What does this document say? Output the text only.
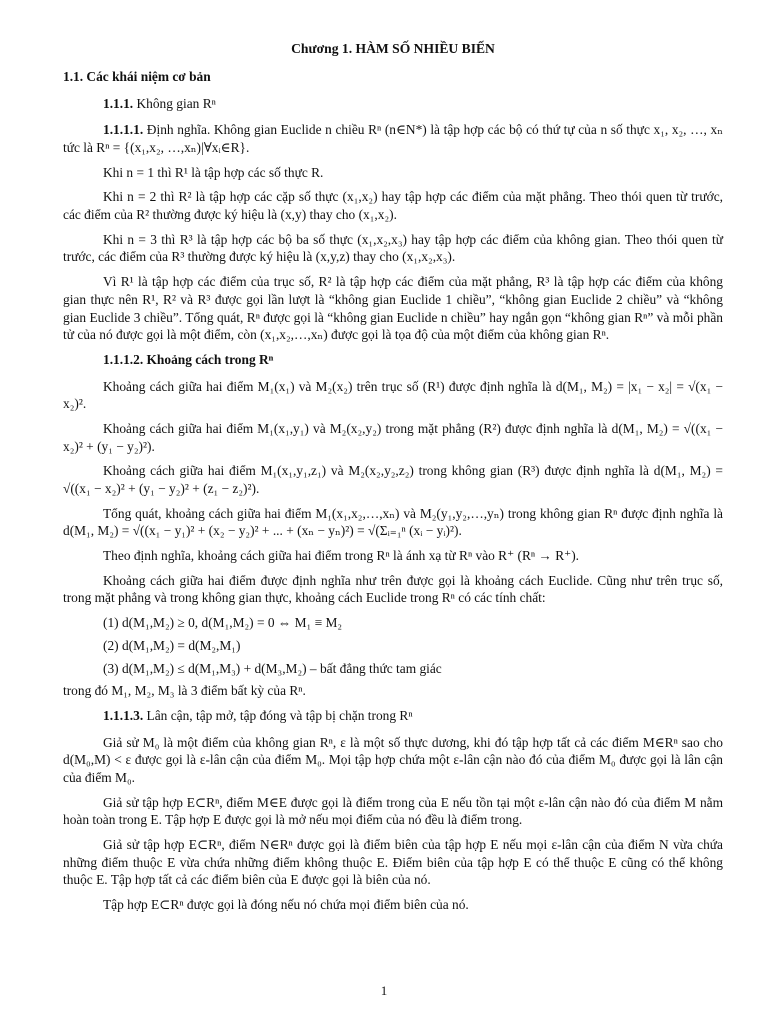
Chương 1. HÀM SỐ NHIỀU BIẾN

1.1. Các khái niệm cơ bản

1.1.1. Không gian Rⁿ

1.1.1.1. Định nghĩa. Không gian Euclide n chiều Rⁿ (n∈N*) là tập hợp các bộ có thứ tự của n số thực x₁, x₂, …, xₙ tức là Rⁿ = {(x₁,x₂, …,xₙ)|∀xᵢ∈R}.

Khi n = 1 thì R¹ là tập hợp các số thực R.

Khi n = 2 thì R² là tập hợp các cặp số thực (x₁,x₂) hay tập hợp các điểm của mặt phẳng. Theo thói quen từ trước, các điểm của R² thường được ký hiệu là (x,y) thay cho (x₁,x₂).

Khi n = 3 thì R³ là tập hợp các bộ ba số thực (x₁,x₂,x₃) hay tập hợp các điểm của không gian. Theo thói quen từ trước, các điểm của R³ thường được ký hiệu là (x,y,z) thay cho (x₁,x₂,x₃).

Vì R¹ là tập hợp các điểm của trục số, R² là tập hợp các điểm của mặt phẳng, R³ là tập hợp các điểm của không gian thực nên R¹, R² và R³ được gọi lần lượt là “không gian Euclide 1 chiều”, “không gian Euclide 2 chiều” và “không gian Euclide 3 chiều”. Tổng quát, Rⁿ được gọi là “không gian Euclide n chiều” hay ngắn gọn “không gian Rⁿ” và mỗi phần tử của nó được gọi là một điểm, còn (x₁,x₂,…,xₙ) được gọi là tọa độ của một điểm của không gian Rⁿ.

1.1.1.2. Khoảng cách trong Rⁿ

Khoảng cách giữa hai điểm M₁(x₁) và M₂(x₂) trên trục số (R¹) được định nghĩa là d(M₁, M₂) = |x₁ − x₂| = √(x₁ − x₂)².

Khoảng cách giữa hai điểm M₁(x₁,y₁) và M₂(x₂,y₂) trong mặt phẳng (R²) được định nghĩa là d(M₁, M₂) = √((x₁ − x₂)² + (y₁ − y₂)²).

Khoảng cách giữa hai điểm M₁(x₁,y₁,z₁) và M₂(x₂,y₂,z₂) trong không gian (R³) được định nghĩa là d(M₁, M₂) = √((x₁ − x₂)² + (y₁ − y₂)² + (z₁ − z₂)²).

Tổng quát, khoảng cách giữa hai điểm M₁(x₁,x₂,…,xₙ) và M₂(y₁,y₂,…,yₙ) trong không gian Rⁿ được định nghĩa là d(M₁, M₂) = √((x₁ − y₁)² + (x₂ − y₂)² + ... + (xₙ − yₙ)²) = √(Σᵢ₌₁ⁿ (xᵢ − yᵢ)²).

Theo định nghĩa, khoảng cách giữa hai điểm trong Rⁿ là ánh xạ từ Rⁿ vào R⁺ (Rⁿ → R⁺).

Khoảng cách giữa hai điểm được định nghĩa như trên được gọi là khoảng cách Euclide. Cũng như trên trục số, trong mặt phẳng và trong không gian thực, khoảng cách Euclide trong Rⁿ có các tính chất:

(1) d(M₁,M₂) ≥ 0, d(M₁,M₂) = 0 ⇔ M₁ ≡ M₂
(2) d(M₁,M₂) = d(M₂,M₁)
(3) d(M₁,M₂) ≤ d(M₁,M₃) + d(M₃,M₂) – bất đẳng thức tam giác

trong đó M₁, M₂, M₃ là 3 điểm bất kỳ của Rⁿ.

1.1.1.3. Lân cận, tập mở, tập đóng và tập bị chặn trong Rⁿ

Giả sử M₀ là một điểm của không gian Rⁿ, ε là một số thực dương, khi đó tập hợp tất cả các điểm M∈Rⁿ sao cho d(M₀,M) < ε được gọi là ε-lân cận của điểm M₀. Mọi tập hợp chứa một ε-lân cận nào đó của điểm M₀ được gọi là lân cận của điểm M₀.

Giả sử tập hợp E⊂Rⁿ, điểm M∈E được gọi là điểm trong của E nếu tồn tại một ε-lân cận nào đó của điểm M nằm hoàn toàn trong E. Tập hợp E được gọi là mở nếu mọi điểm của nó đều là điểm trong.

Giả sử tập hợp E⊂Rⁿ, điểm N∈Rⁿ được gọi là điểm biên của tập hợp E nếu mọi ε-lân cận của điểm N vừa chứa những điểm thuộc E vừa chứa những điểm không thuộc E. Điểm biên của tập hợp E có thể thuộc E cũng có thể không thuộc E. Tập hợp tất cả các điểm biên của E được gọi là biên của nó.

Tập hợp E⊂Rⁿ được gọi là đóng nếu nó chứa mọi điểm biên của nó.

1
